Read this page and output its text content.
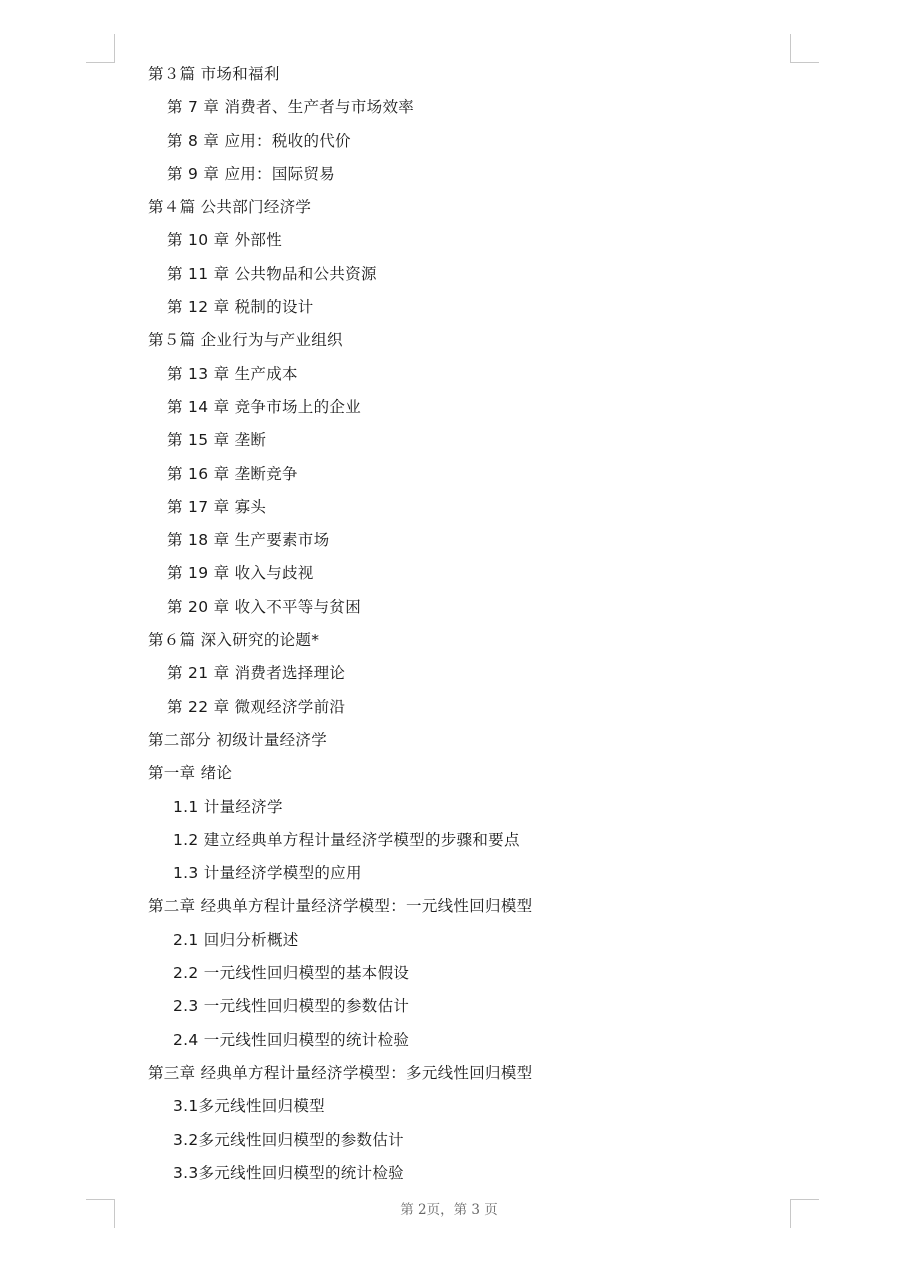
第３篇 市场和福利
第 7 章 消费者、生产者与市场效率
第 8 章 应用：税收的代价
第 9 章 应用：国际贸易
第４篇 公共部门经济学
第 10 章 外部性
第 11 章 公共物品和公共资源
第 12 章 税制的设计
第５篇 企业行为与产业组织
第 13 章 生产成本
第 14 章 竞争市场上的企业
第 15 章 垄断
第 16 章 垄断竞争
第 17 章 寡头
第 18 章 生产要素市场
第 19 章 收入与歧视
第 20 章 收入不平等与贫困
第６篇 深入研究的论题*
第 21 章 消费者选择理论
第 22 章 微观经济学前沿
第二部分 初级计量经济学
第一章 绪论
1.1 计量经济学
1.2 建立经典单方程计量经济学模型的步骤和要点
1.3 计量经济学模型的应用
第二章 经典单方程计量经济学模型：一元线性回归模型
2.1 回归分析概述
2.2 一元线性回归模型的基本假设
2.3 一元线性回归模型的参数估计
2.4 一元线性回归模型的统计检验
第三章 经典单方程计量经济学模型：多元线性回归模型
3.1多元线性回归模型
3.2多元线性回归模型的参数估计
3.3多元线性回归模型的统计检验
第 2页，第 3 页
